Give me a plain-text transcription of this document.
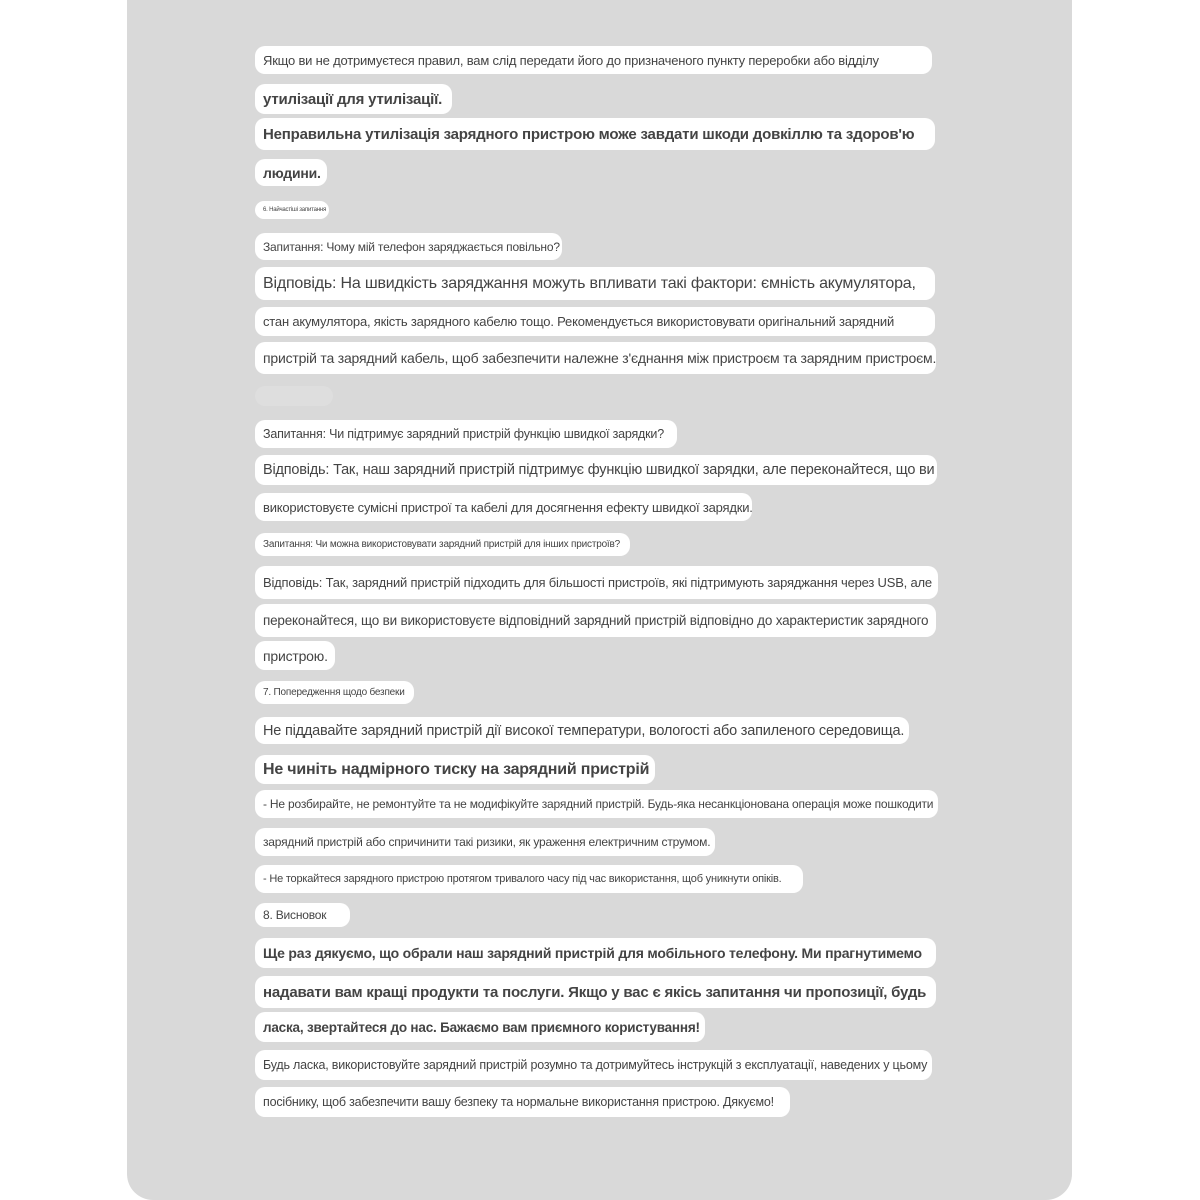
Якщо ви не дотримуєтеся правил, вам слід передати його до призначеного пункту переробки або відділу
утилізації для утилізації.
Неправильна утилізація зарядного пристрою може завдати шкоди довкіллю та здоров'ю
людини.
6. Найчастіші запитання
Запитання: Чому мій телефон заряджається повільно?
Відповідь: На швидкість заряджання можуть впливати такі фактори: ємність акумулятора,
стан акумулятора, якість зарядного кабелю тощо. Рекомендується використовувати оригінальний зарядний
пристрій та зарядний кабель, щоб забезпечити належне з'єднання між пристроєм та зарядним пристроєм.
Запитання: Чи підтримує зарядний пристрій функцію швидкої зарядки?
Відповідь: Так, наш зарядний пристрій підтримує функцію швидкої зарядки, але переконайтеся, що ви
використовуєте сумісні пристрої та кабелі для досягнення ефекту швидкої зарядки.
Запитання: Чи можна використовувати зарядний пристрій для інших пристроїв?
Відповідь: Так, зарядний пристрій підходить для більшості пристроїв, які підтримують заряджання через USB, але
переконайтеся, що ви використовуєте відповідний зарядний пристрій відповідно до характеристик зарядного
пристрою.
7. Попередження щодо безпеки
Не піддавайте зарядний пристрій дії високої температури, вологості або запиленого середовища.
Не чиніть надмірного тиску на зарядний пристрій
- Не розбирайте, не ремонтуйте та не модифікуйте зарядний пристрій. Будь-яка несанкціонована операція може пошкодити
зарядний пристрій або спричинити такі ризики, як ураження електричним струмом.
- Не торкайтеся зарядного пристрою протягом тривалого часу під час використання, щоб уникнути опіків.
8. Висновок
Ще раз дякуємо, що обрали наш зарядний пристрій для мобільного телефону. Ми прагнутимемо
надавати вам кращі продукти та послуги. Якщо у вас є якісь запитання чи пропозиції, будь
ласка, звертайтеся до нас. Бажаємо вам приємного користування!
Будь ласка, використовуйте зарядний пристрій розумно та дотримуйтесь інструкцій з експлуатації, наведених у цьому
посібнику, щоб забезпечити вашу безпеку та нормальне використання пристрою. Дякуємо!
